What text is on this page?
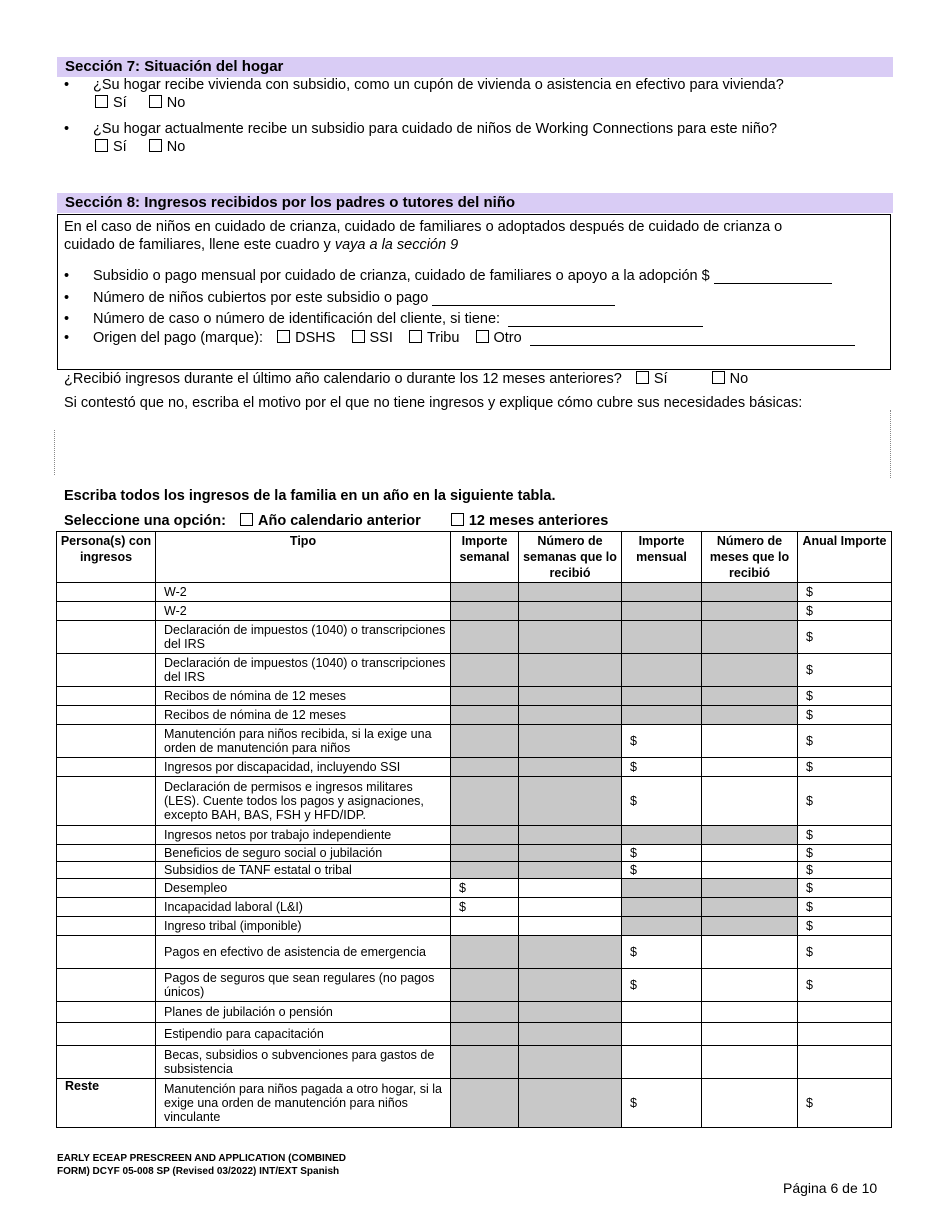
Sección 7: Situación del hogar
• ¿Su hogar recibe vivienda con subsidio, como un cupón de vivienda o asistencia en efectivo para vivienda?
Sí	No
• ¿Su hogar actualmente recibe un subsidio para cuidado de niños de Working Connections para este niño?
Sí	No
Sección 8: Ingresos recibidos por los padres o tutores del niño
En el caso de niños en cuidado de crianza, cuidado de familiares o adoptados después de cuidado de crianza o
cuidado de familiares, llene este cuadro y vaya a la sección 9
• Subsidio o pago mensual por cuidado de crianza, cuidado de familiares o apoyo a la adopción $
• Número de niños cubiertos por este subsidio o pago
• Número de caso o número de identificación del cliente, si tiene:
• Origen del pago (marque): DSHS SSI Tribu Otro
¿Recibió ingresos durante el último año calendario o durante los 12 meses anteriores? Sí	No
Si contestó que no, escriba el motivo por el que no tiene ingresos y explique cómo cubre sus necesidades básicas:
Escriba todos los ingresos de la familia en un año en la siguiente tabla.
Seleccione una opción: Año calendario anterior	12 meses anteriores
Persona(s) con ingresos	Tipo	Importe semanal	Número de semanas que lo recibió	Importe mensual	Número de meses que lo recibió	Anual Importe
	W-2					$
	W-2					$
	Declaración de impuestos (1040) o transcripciones del IRS					$
	Declaración de impuestos (1040) o transcripciones del IRS					$
	Recibos de nómina de 12 meses					$
	Recibos de nómina de 12 meses					$
	Manutención para niños recibida, si la exige una orden de manutención para niños			$		$
	Ingresos por discapacidad, incluyendo SSI			$		$
	Declaración de permisos e ingresos militares (LES). Cuente todos los pagos y asignaciones, excepto BAH, BAS, FSH y HFD/IDP.			$		$
	Ingresos netos por trabajo independiente					$
	Beneficios de seguro social o jubilación			$		$
	Subsidios de TANF estatal o tribal			$		$
	Desempleo	$				$
	Incapacidad laboral (L&I)	$				$
	Ingreso tribal (imponible)					$
	Pagos en efectivo de asistencia de emergencia			$		$
	Pagos de seguros que sean regulares (no pagos únicos)			$		$
	Planes de jubilación o pensión					
	Estipendio para capacitación					
	Becas, subsidios o subvenciones para gastos de subsistencia					
Reste	Manutención para niños pagada a otro hogar, si la exige una orden de manutención para niños vinculante			$		$
EARLY ECEAP PRESCREEN AND APPLICATION (COMBINED
FORM) DCYF 05-008 SP (Revised 03/2022) INT/EXT Spanish
Página 6 de 10
